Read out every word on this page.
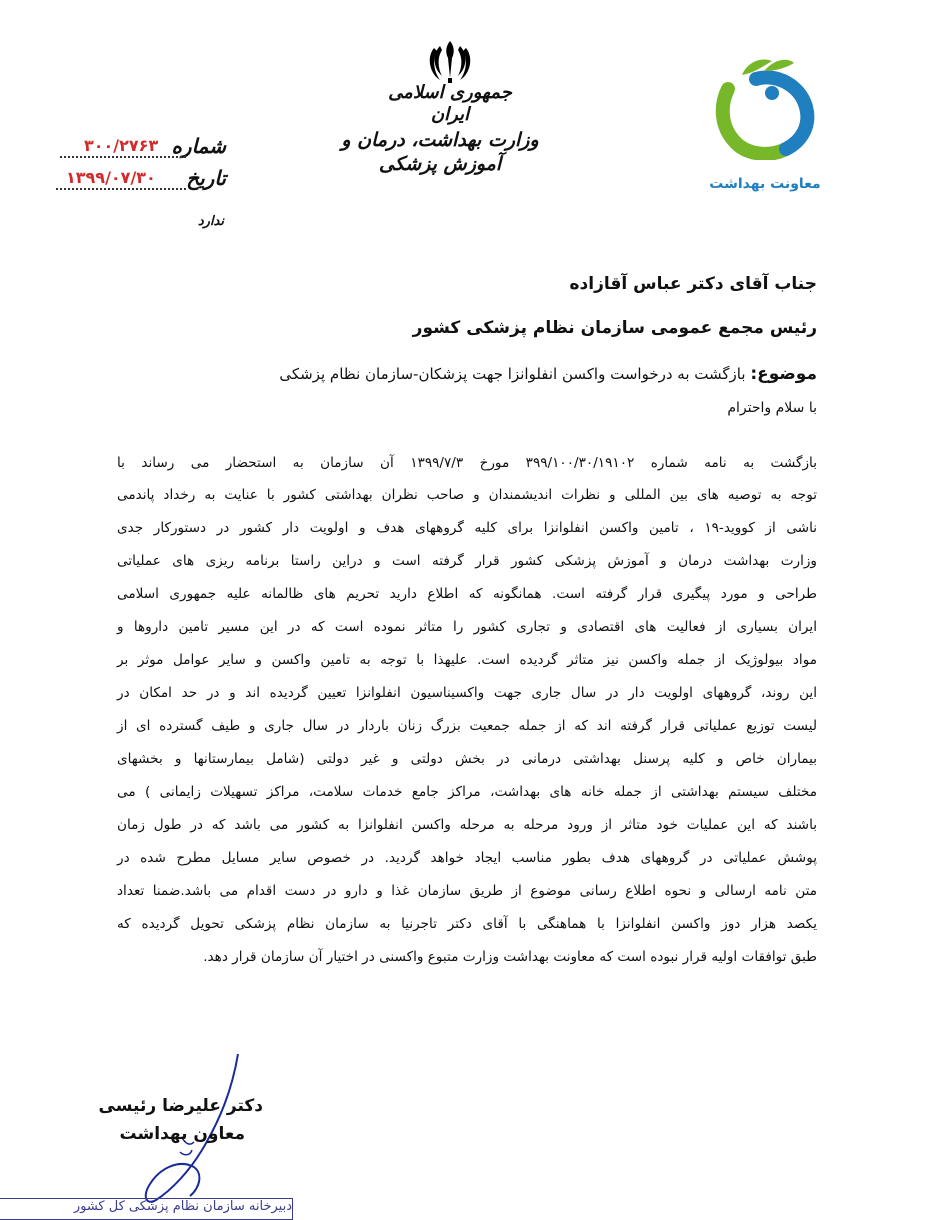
جمهوری اسلامی ایران
وزارت بهداشت، درمان و آموزش پزشکی
معاونت بهداشت
شماره
۳۰۰/۲۷۶۳
تاریخ
۱۳۹۹/۰۷/۳۰
ندارد
جناب آقای دکتر عباس آقازاده
رئیس مجمع عمومی سازمان نظام پزشکی کشور
موضوع: بازگشت به درخواست واکسن انفلوانزا جهت پزشکان-سازمان نظام پزشکی
با سلام واحترام
بازگشت به نامه شماره ۳۹۹/۱۰۰/۳۰/۱۹۱۰۲ مورخ ۱۳۹۹/۷/۳ آن سازمان به استحضار می رساند با
توجه به توصیه های بین المللی و نظرات اندیشمندان و صاحب نظران بهداشتی کشور با عنایت به رخداد پاندمی
ناشی از کووید-۱۹ ، تامین واکسن انفلوانزا برای کلیه گروههای هدف و اولویت دار کشور در دستورکار جدی
وزارت بهداشت درمان و آموزش پزشکی کشور قرار گرفته است و دراین راستا برنامه ریزی های عملیاتی
طراحی و مورد پیگیری قرار گرفته است. همانگونه که اطلاع دارید تحریم های ظالمانه علیه جمهوری اسلامی
ایران بسیاری از فعالیت های اقتصادی و تجاری کشور را متاثر نموده است که در این مسیر تامین داروها و
مواد بیولوژیک از جمله واکسن نیز متاثر گردیده است. علیهذا با توجه به تامین واکسن و سایر عوامل موثر بر
این روند، گروههای اولویت دار در سال جاری جهت واکسیناسیون انفلوانزا تعیین گردیده اند و در حد امکان در
لیست توزیع عملیاتی قرار گرفته اند که از جمله جمعیت بزرگ زنان باردار در سال جاری و طیف گسترده ای از
بیماران خاص و کلیه پرسنل بهداشتی درمانی در بخش دولتی و غیر دولتی (شامل بیمارستانها و بخشهای
مختلف سیستم بهداشتی از جمله خانه های بهداشت، مراکز جامع خدمات سلامت، مراکز تسهیلات زایمانی ) می
باشند که این عملیات خود متاثر از ورود مرحله به مرحله واکسن انفلوانزا به کشور می باشد که در طول زمان
پوشش عملیاتی در گروههای هدف بطور مناسب ایجاد خواهد گردید. در خصوص سایر مسایل مطرح شده در
متن نامه ارسالی و نحوه اطلاع رسانی موضوع از طریق سازمان غذا و دارو در دست اقدام می باشد.ضمنا تعداد
یکصد هزار دوز واکسن انفلوانزا با هماهنگی با آقای دکتر تاجرنیا به سازمان نظام پزشکی تحویل گردیده که
طبق توافقات اولیه قرار نبوده است که معاونت بهداشت وزارت متبوع واکسنی در اختیار آن سازمان قرار دهد.
دکتر علیرضا رئیسی
معاون بهداشت
دبیرخانه سازمان نظام پزشکی کل کشور
